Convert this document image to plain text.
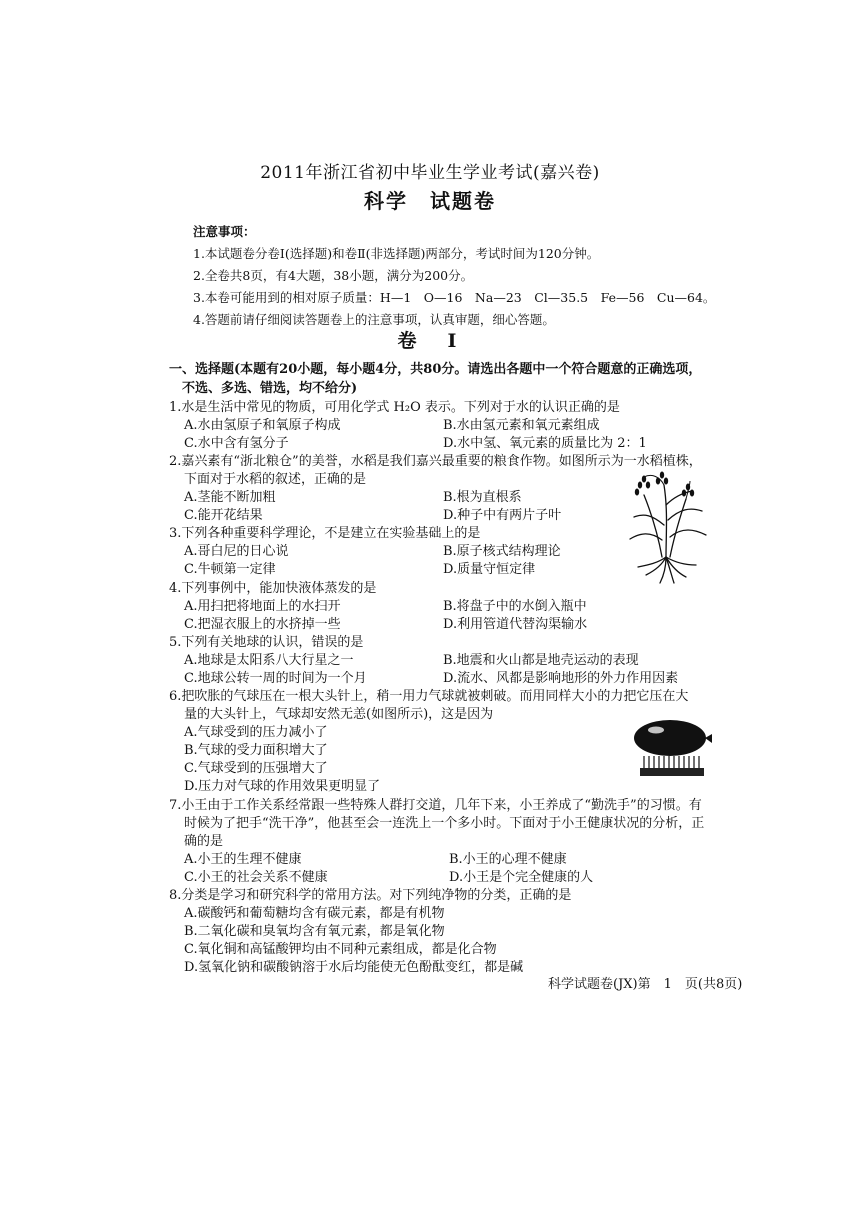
2011年浙江省初中毕业生学业考试(嘉兴卷)
科学　试题卷
注意事项：
1.本试题卷分卷Ⅰ(选择题)和卷Ⅱ(非选择题)两部分，考试时间为120分钟。
2.全卷共8页，有4大题，38小题，满分为200分。
3.本卷可能用到的相对原子质量：H—1　O—16　Na—23　Cl—35.5　Fe—56　Cu—64。
4.答题前请仔细阅读答题卷上的注意事项，认真审题，细心答题。
卷　Ⅰ
一、选择题(本题有20小题，每小题4分，共80分。请选出各题中一个符合题意的正确选项，
不选、多选、错选，均不给分)
1.水是生活中常见的物质，可用化学式 H₂O 表示。下列对于水的认识正确的是
A.水由氢原子和氧原子构成	B.水由氢元素和氧元素组成
C.水中含有氢分子	D.水中氢、氧元素的质量比为 2：1
2.嘉兴素有“浙北粮仓”的美誉，水稻是我们嘉兴最重要的粮食作物。如图所示为一水稻植株，
下面对于水稻的叙述，正确的是
A.茎能不断加粗	B.根为直根系
C.能开花结果	D.种子中有两片子叶
3.下列各种重要科学理论，不是建立在实验基础上的是
A.哥白尼的日心说	B.原子核式结构理论
C.牛顿第一定律	D.质量守恒定律
4.下列事例中，能加快液体蒸发的是
A.用扫把将地面上的水扫开	B.将盘子中的水倒入瓶中
C.把湿衣服上的水挤掉一些	D.利用管道代替沟渠输水
5.下列有关地球的认识，错误的是
A.地球是太阳系八大行星之一	B.地震和火山都是地壳运动的表现
C.地球公转一周的时间为一个月	D.流水、风都是影响地形的外力作用因素
6.把吹胀的气球压在一根大头针上，稍一用力气球就被刺破。而用同样大小的力把它压在大
量的大头针上，气球却安然无恙(如图所示)，这是因为
A.气球受到的压力减小了
B.气球的受力面积增大了
C.气球受到的压强增大了
D.压力对气球的作用效果更明显了
7.小王由于工作关系经常跟一些特殊人群打交道，几年下来，小王养成了“勤洗手”的习惯。有
时候为了把手“洗干净”，他甚至会一连洗上一个多小时。下面对于小王健康状况的分析，正
确的是
A.小王的生理不健康	B.小王的心理不健康
C.小王的社会关系不健康	D.小王是个完全健康的人
8.分类是学习和研究科学的常用方法。对下列纯净物的分类，正确的是
A.碳酸钙和葡萄糖均含有碳元素，都是有机物
B.二氧化碳和臭氧均含有氧元素，都是氧化物
C.氧化铜和高锰酸钾均由不同种元素组成，都是化合物
D.氢氧化钠和碳酸钠溶于水后均能使无色酚酞变红，都是碱
科学试题卷(JX)第　1　页(共8页)
